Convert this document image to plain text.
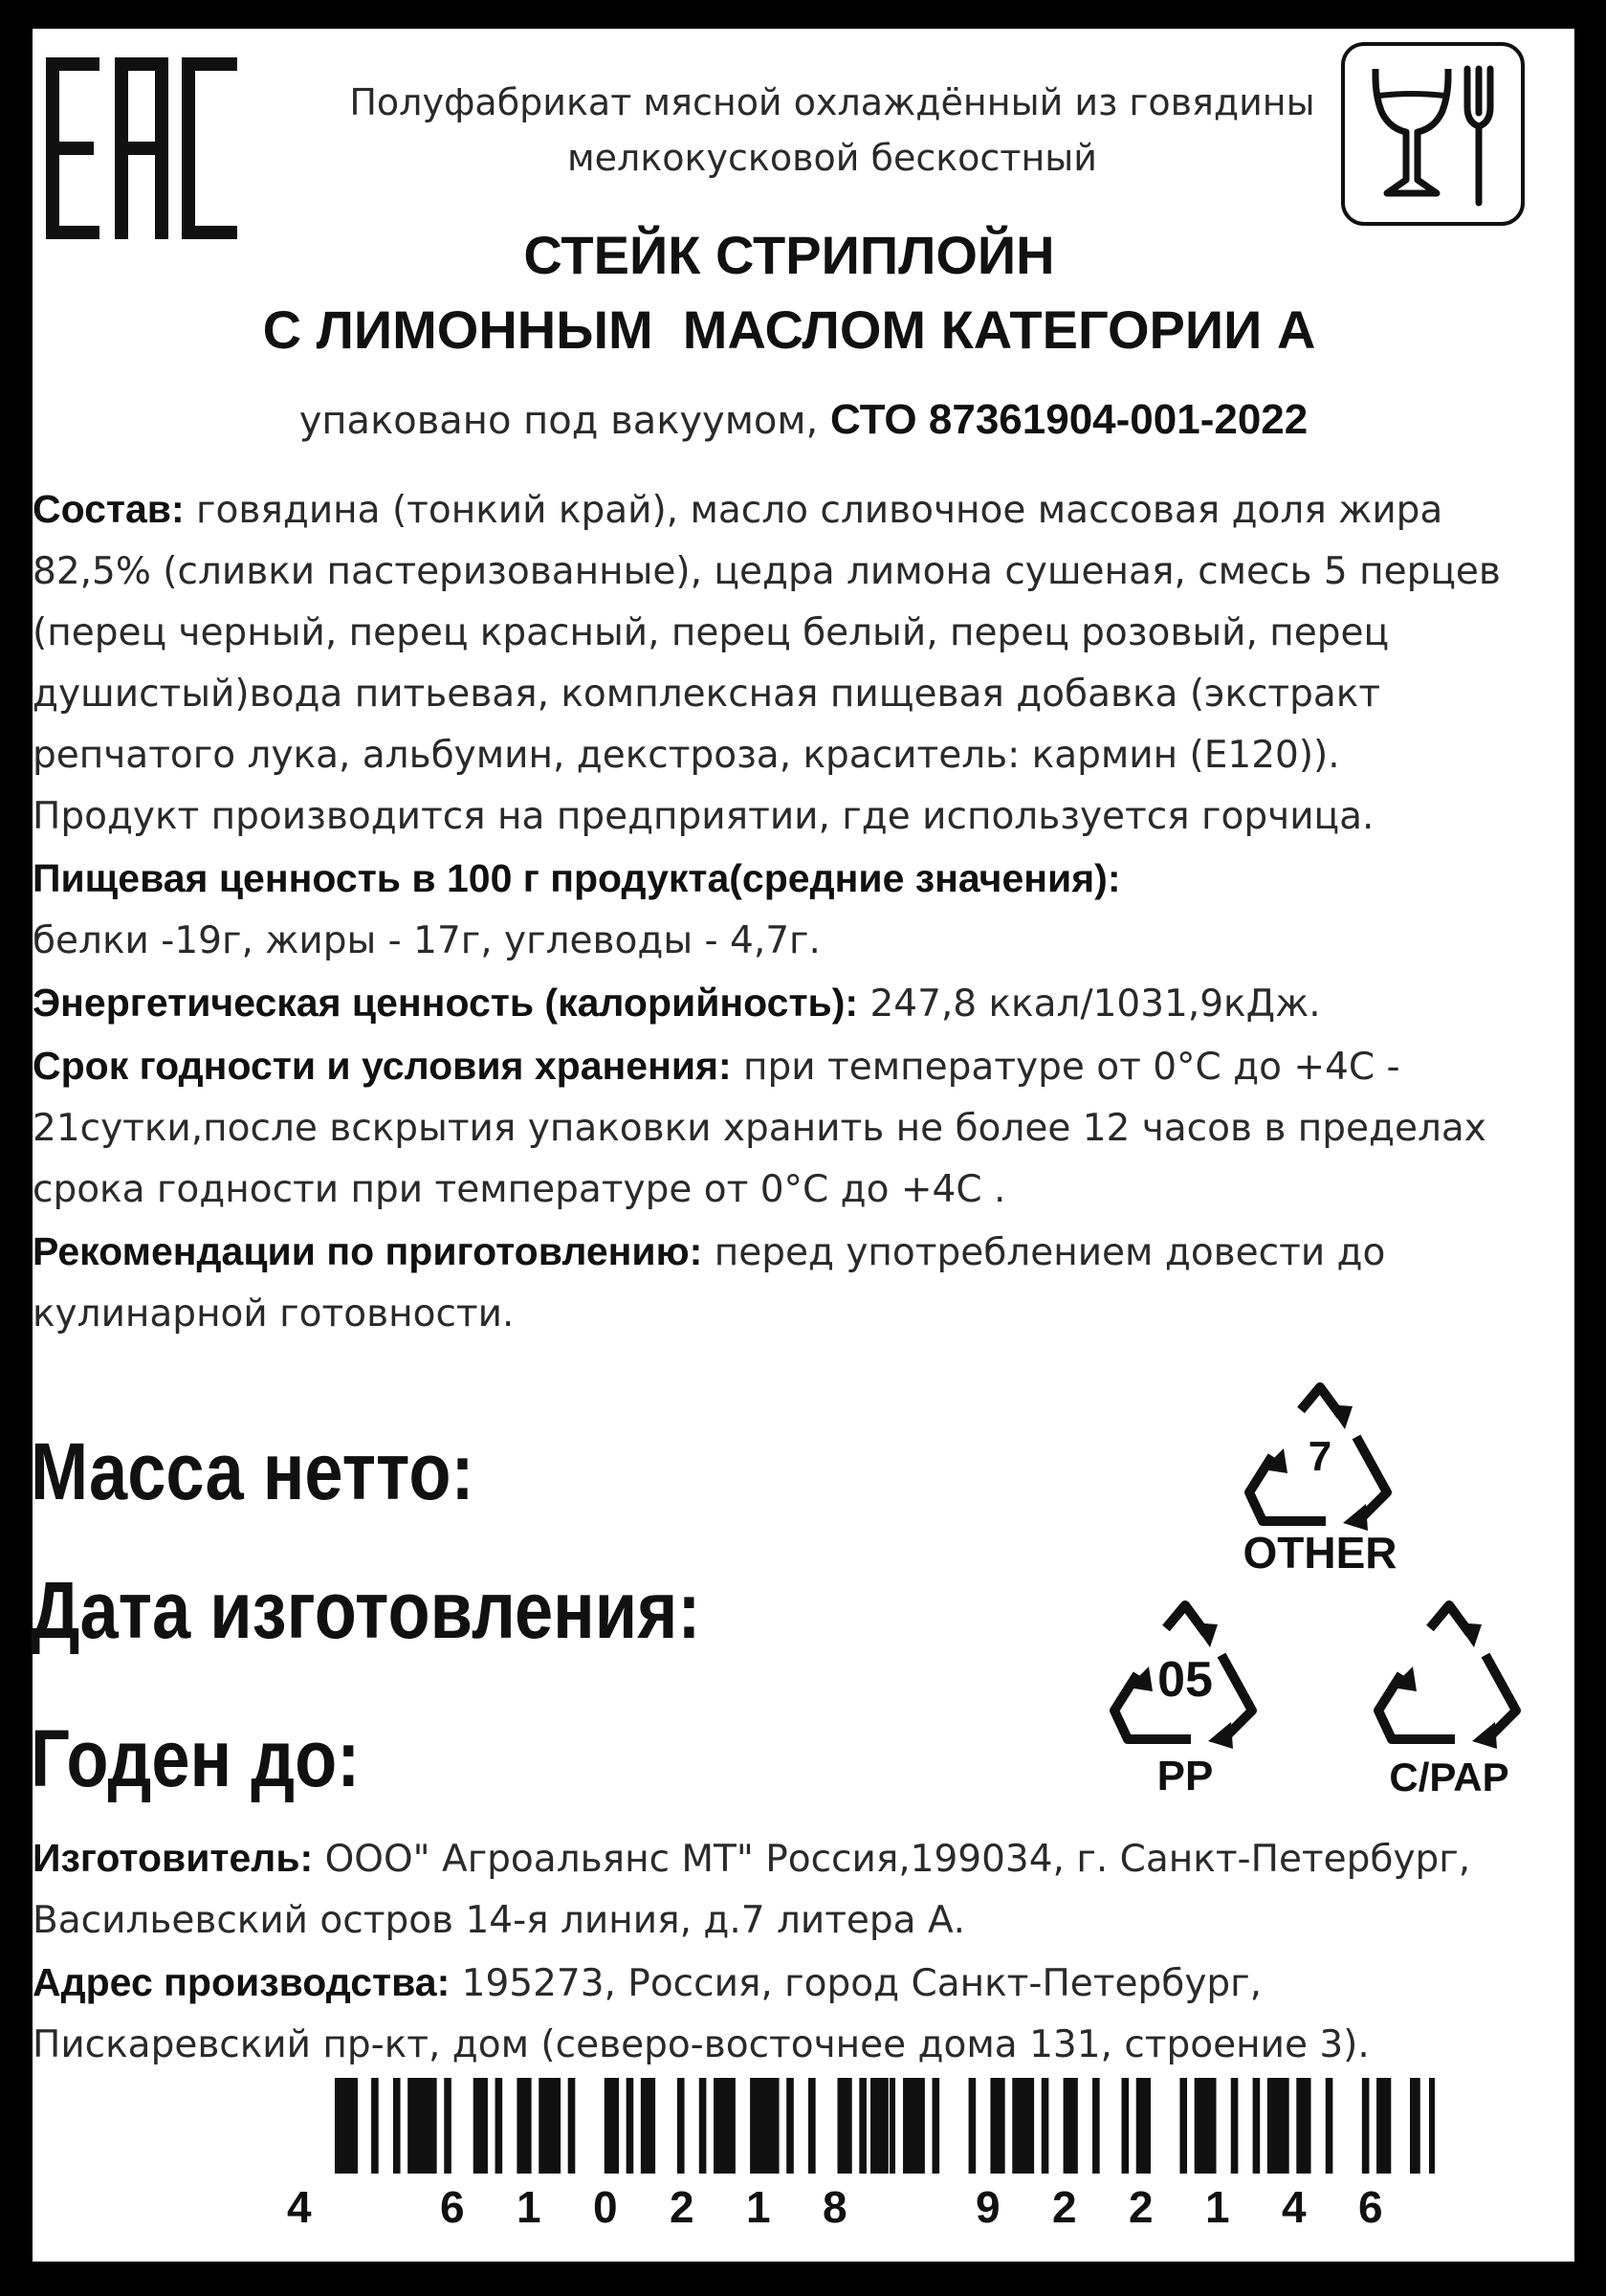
Полуфабрикат мясной охлаждённый из говядины
мелкокусковой бескостный
СТЕЙК СТРИПЛОЙН
С ЛИМОННЫМ  МАСЛОМ КАТЕГОРИИ А
упаковано под вакуумом, СТО 87361904-001-2022

Состав: говядина (тонкий край), масло сливочное массовая доля жира 82,5% (сливки пастеризованные), цедра лимона сушеная, смесь 5 перцев (перец черный, перец красный, перец белый, перец розовый, перец душистый)вода питьевая, комплексная пищевая добавка (экстракт репчатого лука, альбумин, декстроза, краситель: кармин (Е120)).

Продукт производится на предприятии, где используется горчица.

Пищевая ценность в 100 г продукта(средние значения):

белки -19г, жиры - 17г, углеводы - 4,7г.

Энергетическая ценность (калорийность): 247,8 ккал/1031,9кДж.

Срок годности и условия хранения: при температуре от 0°С до +4С - 21сутки,после вскрытия упаковки хранить не более 12 часов в пределах срока годности при температуре от 0°С до +4С .

Рекомендации по приготовлению: перед употреблением довести до кулинарной готовности.

Масса нетто:
Дата изготовления:
Годен до:
7
OTHER
05
PP	C/PAP

Изготовитель: ООО" Агроальянс МТ" Россия,199034, г. Санкт-Петербург, Васильевский остров 14-я линия, д.7 литера А.

Адрес производства: 195273, Россия, город Санкт-Петербург, Пискаревский пр-кт, дом (северо-восточнее дома 131, строение 3).

4	6 1 0 2 1 8	9 2 2 1 4 6
